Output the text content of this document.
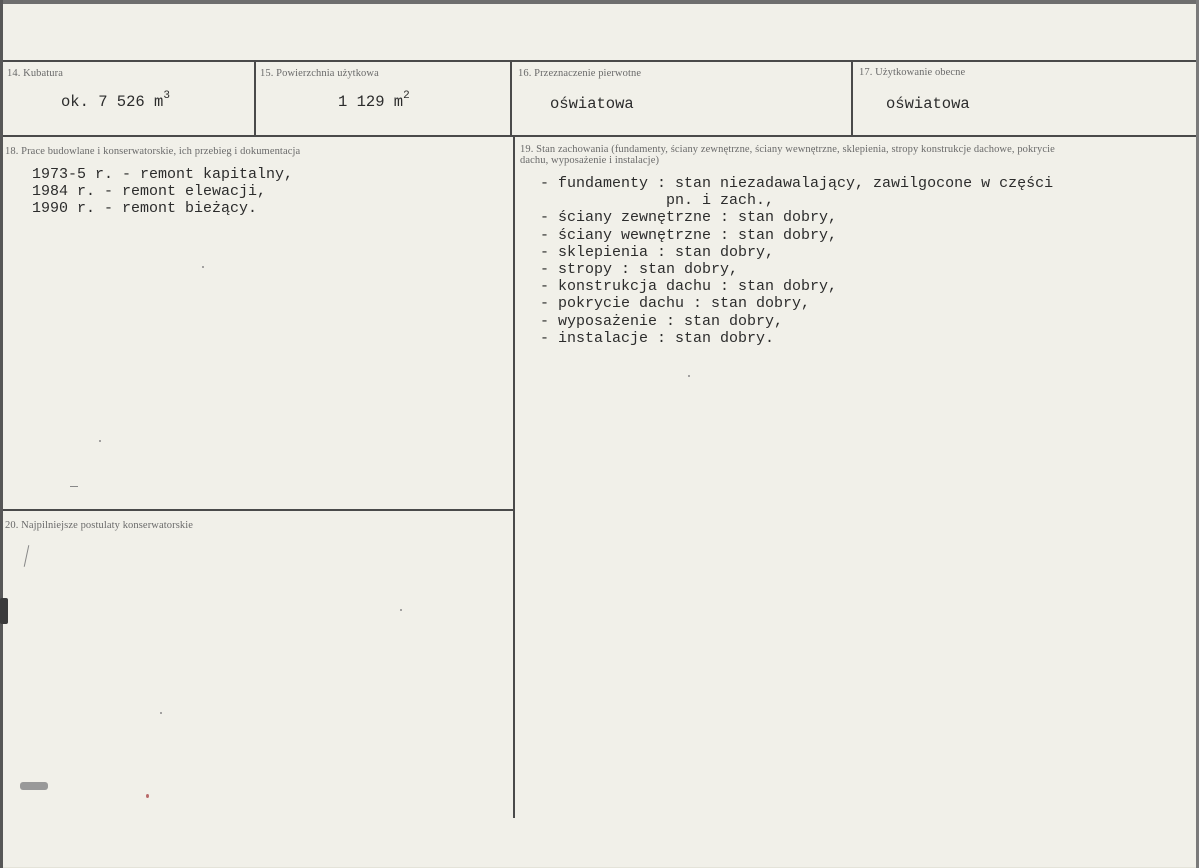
14. Kubatura
ok. 7 526 $m^3$
15. Powierzchnia użytkowa
1 129 $m^2$
16. Przeznaczenie pierwotne
oświatowa
17. Użytkowanie obecne
oświatowa
18. Prace budowlane i konserwatorskie, ich przebieg i dokumentacja
1973-5 r. - remont kapitalny,
1984 r. - remont elewacji,
1990 r. - remont bieżący.
19. Stan zachowania (fundamenty, ściany zewnętrzne, ściany wewnętrzne, sklepienia, stropy konstrukcje dachowe, pokrycie dachu, wyposażenie i instalacje)
- fundamenty : stan niezadawalający, zawilgocone w części
pn. i zach.,
- ściany zewnętrzne : stan dobry,
- ściany wewnętrzne : stan dobry,
- sklepienia : stan dobry,
- stropy : stan dobry,
- konstrukcja dachu : stan dobry,
- pokrycie dachu : stan dobry,
- wyposażenie : stan dobry,
- instalacje : stan dobry.
20. Najpilniejsze postulaty konserwatorskie
